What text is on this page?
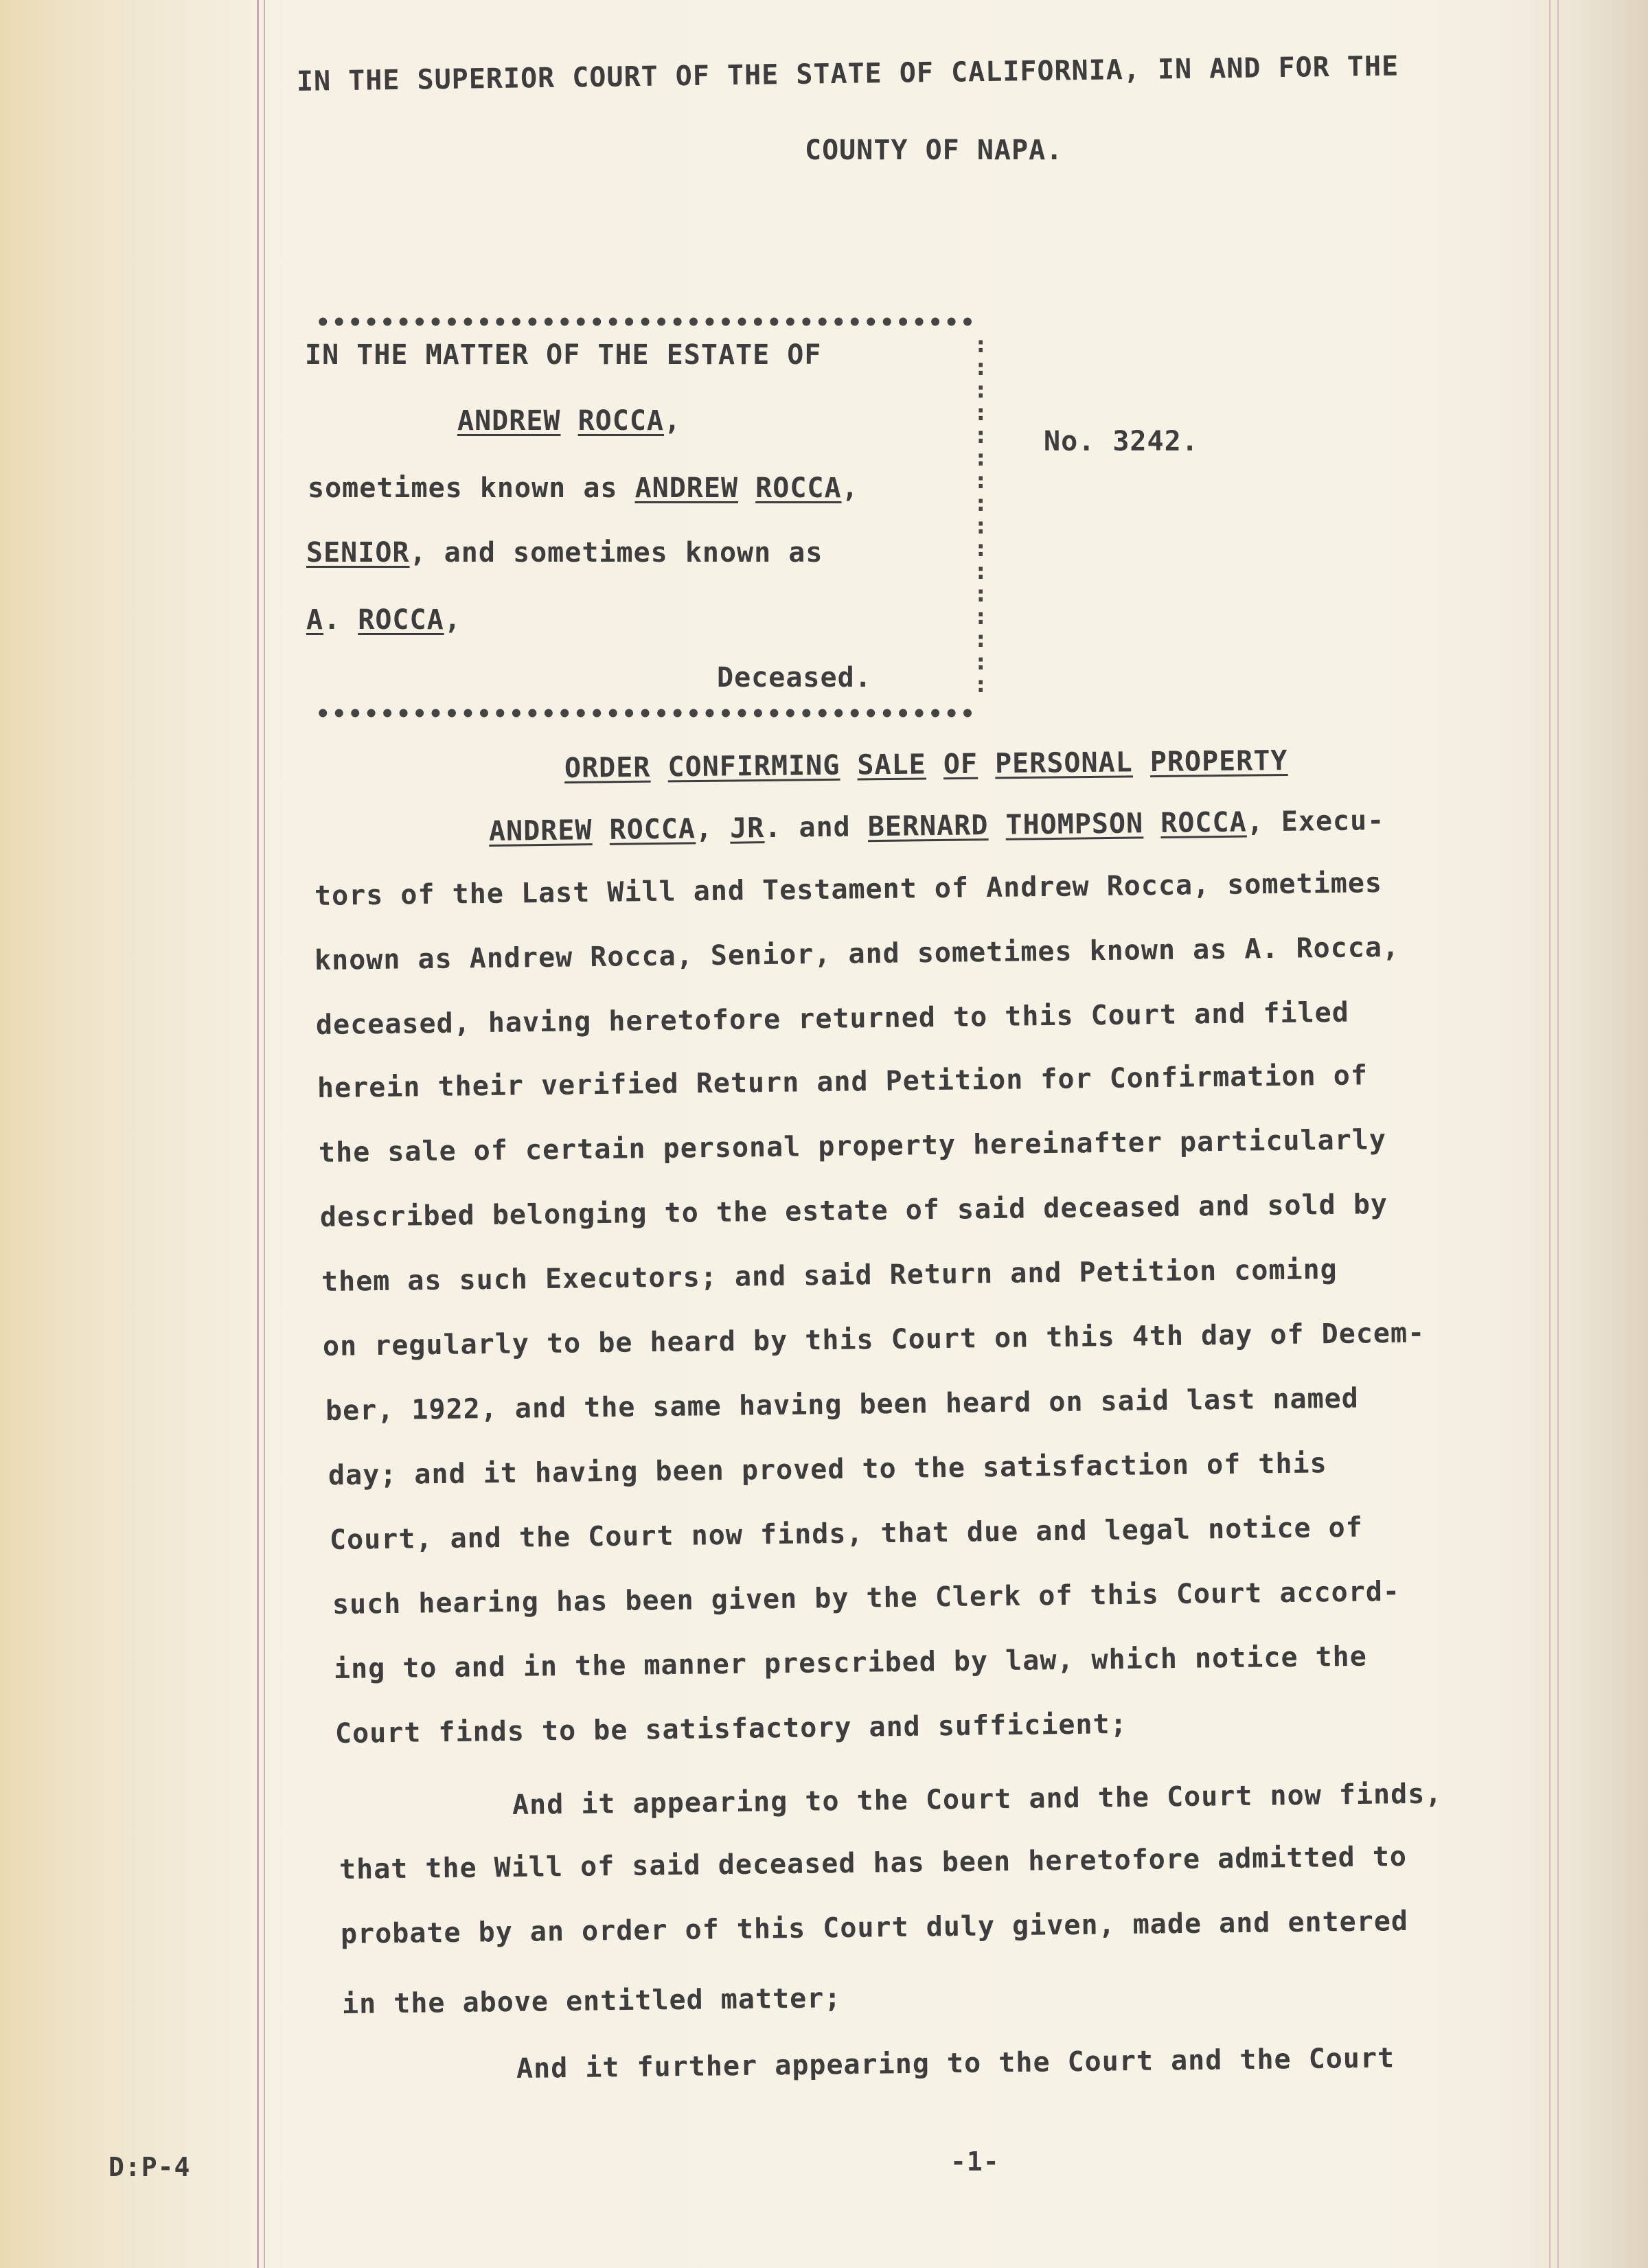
IN THE SUPERIOR COURT OF THE STATE OF CALIFORNIA, IN AND FOR THE
COUNTY OF NAPA.
•••••••••••••••••••••••••••••••••••••••••
•••••••••••••••••••••••••••••••••••••••••
:
:
:
:
:
:
:
:
:
:
:
:
:
:
:
:
IN THE MATTER OF THE ESTATE OF
ANDREW ROCCA,
sometimes known as ANDREW ROCCA,
SENIOR, and sometimes known as
A. ROCCA,
Deceased.
No. 3242.
ORDER CONFIRMING SALE OF PERSONAL PROPERTY
ANDREW ROCCA, JR. and BERNARD THOMPSON ROCCA, Execu-
tors of the Last Will and Testament of Andrew Rocca, sometimes
known as Andrew Rocca, Senior, and sometimes known as A. Rocca,
deceased, having heretofore returned to this Court and filed
herein their verified Return and Petition for Confirmation of
the sale of certain personal property hereinafter particularly
described belonging to the estate of said deceased and sold by
them as such Executors; and said Return and Petition coming
on regularly to be heard by this Court on this 4th day of Decem-
ber, 1922, and the same having been heard on said last named
day; and it having been proved to the satisfaction of this
Court, and the Court now finds, that due and legal notice of
such hearing has been given by the Clerk of this Court accord-
ing to and in the manner prescribed by law, which notice the
Court finds to be satisfactory and sufficient;
And it appearing to the Court and the Court now finds,
that the Will of said deceased has been heretofore admitted to
probate by an order of this Court duly given, made and entered
in the above entitled matter;
And it further appearing to the Court and the Court
D:P-4	-1-
